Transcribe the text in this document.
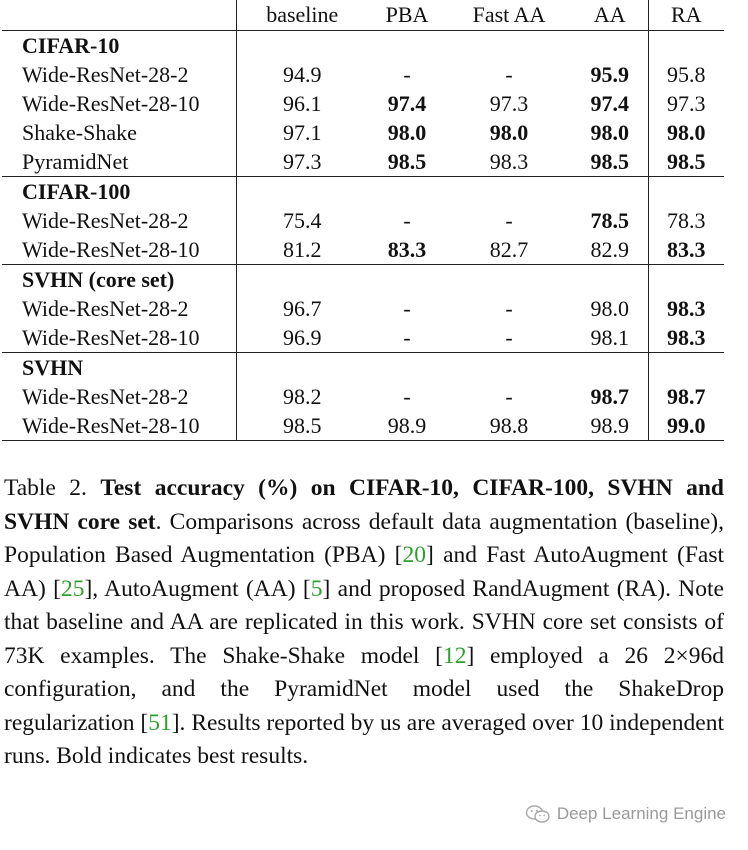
	baseline	PBA	Fast AA	AA	RA
CIFAR-10					
Wide-ResNet-28-2	94.9	-	-	95.9	95.8
Wide-ResNet-28-10	96.1	97.4	97.3	97.4	97.3
Shake-Shake	97.1	98.0	98.0	98.0	98.0
PyramidNet	97.3	98.5	98.3	98.5	98.5
CIFAR-100					
Wide-ResNet-28-2	75.4	-	-	78.5	78.3
Wide-ResNet-28-10	81.2	83.3	82.7	82.9	83.3
SVHN (core set)					
Wide-ResNet-28-2	96.7	-	-	98.0	98.3
Wide-ResNet-28-10	96.9	-	-	98.1	98.3
SVHN					
Wide-ResNet-28-2	98.2	-	-	98.7	98.7
Wide-ResNet-28-10	98.5	98.9	98.8	98.9	99.0
Table 2. Test accuracy (%) on CIFAR-10, CIFAR-100, SVHN and SVHN core set. Comparisons across default data augmentation (baseline), Population Based Augmentation (PBA) [20] and Fast AutoAugment (Fast AA) [25], AutoAugment (AA) [5] and proposed RandAugment (RA). Note that baseline and AA are replicated in this work. SVHN core set consists of 73K examples. The Shake-Shake model [12] employed a 26 2×96d configuration, and the PyramidNet model used the ShakeDrop regularization [51]. Results reported by us are averaged over 10 independent runs. Bold indicates best results.
Deep Learning Engine
